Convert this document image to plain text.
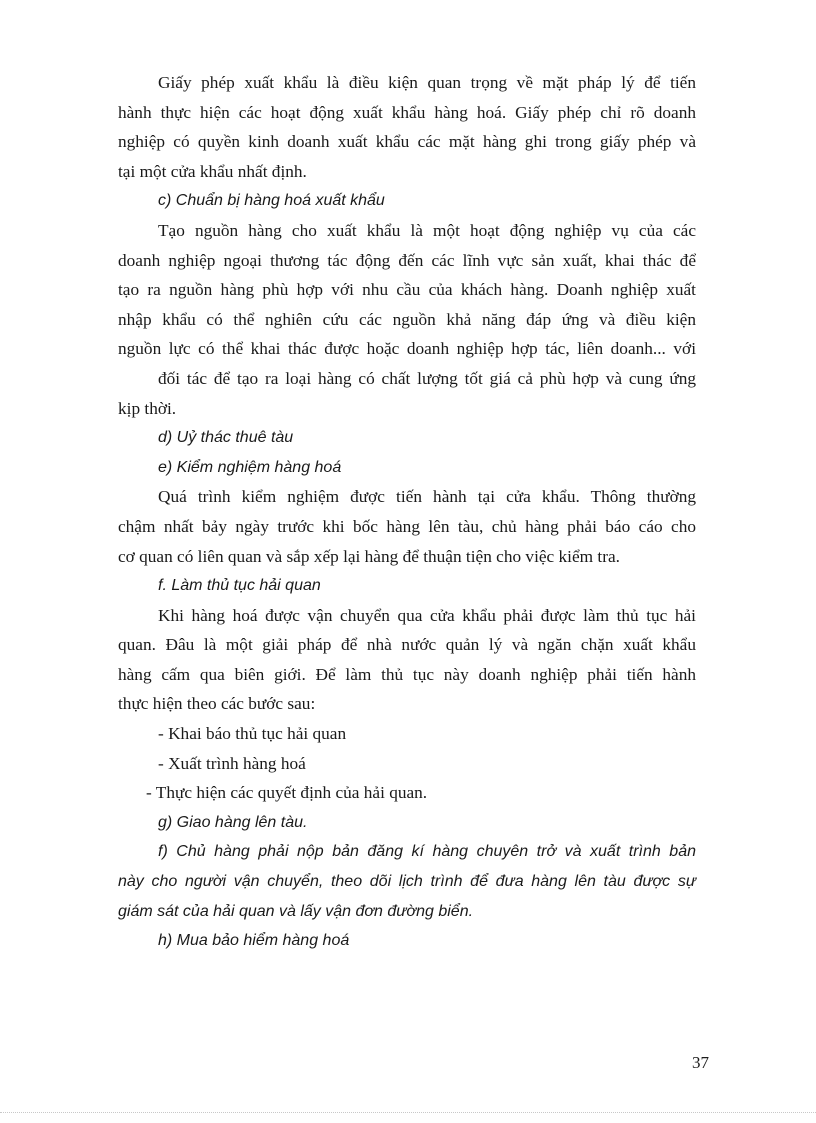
Giấy phép xuất khẩu là điều kiện quan trọng về mặt pháp lý để tiến
hành thực hiện các hoạt động xuất khẩu hàng hoá. Giấy phép chỉ rõ doanh
nghiệp có quyền kinh doanh xuất khẩu các mặt hàng ghi trong giấy phép và
tại một cửa khẩu nhất định.
c) Chuẩn bị hàng hoá xuất khẩu
Tạo nguồn hàng cho xuất khẩu là một hoạt động nghiệp vụ của các
doanh nghiệp ngoại thương tác động đến các lĩnh vực sản xuất, khai thác để
tạo ra nguồn hàng phù hợp với nhu cầu của khách hàng. Doanh nghiệp xuất
nhập khẩu có thể nghiên cứu các nguồn khả năng đáp ứng và điều kiện
nguồn lực có thể khai thác được hoặc doanh nghiệp hợp tác, liên doanh... với
đối tác để tạo ra loại hàng có chất lượng tốt giá cả phù hợp và cung ứng
kịp thời.
d) Uỷ thác thuê tàu
e) Kiểm nghiệm hàng hoá
Quá trình kiểm nghiệm được tiến hành tại cửa khẩu. Thông thường
chậm nhất bảy ngày trước khi bốc hàng lên tàu, chủ hàng phải báo cáo cho
cơ quan có liên quan và sắp xếp lại hàng để thuận tiện cho việc kiểm tra.
f. Làm thủ tục hải quan
Khi hàng hoá được vận chuyển qua cửa khẩu phải được làm thủ tục hải
quan. Đâu là một giải pháp để nhà nước quản lý và ngăn chặn xuất khẩu
hàng cấm qua biên giới. Để làm thủ tục này doanh nghiệp phải tiến hành
thực hiện theo các bước sau:
- Khai báo thủ tục hải quan
- Xuất trình hàng hoá
- Thực hiện các quyết định của hải quan.
g) Giao hàng lên tàu.
f) Chủ hàng phải nộp bản đăng kí hàng chuyên trở và xuất trình bản
này cho người vận chuyển, theo dõi lịch trình để đưa hàng lên tàu được sự
giám sát của hải quan và lấy vận đơn đường biển.
h) Mua bảo hiểm hàng hoá
37
